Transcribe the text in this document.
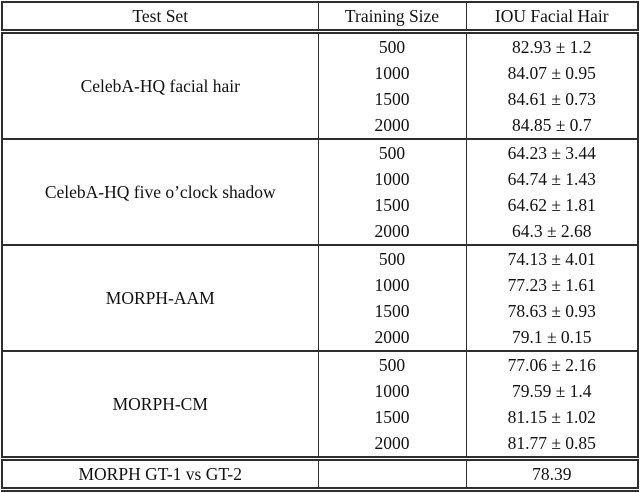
Test Set	Training Size	IOU Facial Hair
CelebA-HQ facial hair	500	82.93 ± 1.2
	1000	84.07 ± 0.95
	1500	84.61 ± 0.73
	2000	84.85 ± 0.7
CelebA-HQ five o’clock shadow	500	64.23 ± 3.44
	1000	64.74 ± 1.43
	1500	64.62 ± 1.81
	2000	64.3 ± 2.68
MORPH-AAM	500	74.13 ± 4.01
	1000	77.23 ± 1.61
	1500	78.63 ± 0.93
	2000	79.1 ± 0.15
MORPH-CM	500	77.06 ± 2.16
	1000	79.59 ± 1.4
	1500	81.15 ± 1.02
	2000	81.77 ± 0.85
MORPH GT-1 vs GT-2		78.39
